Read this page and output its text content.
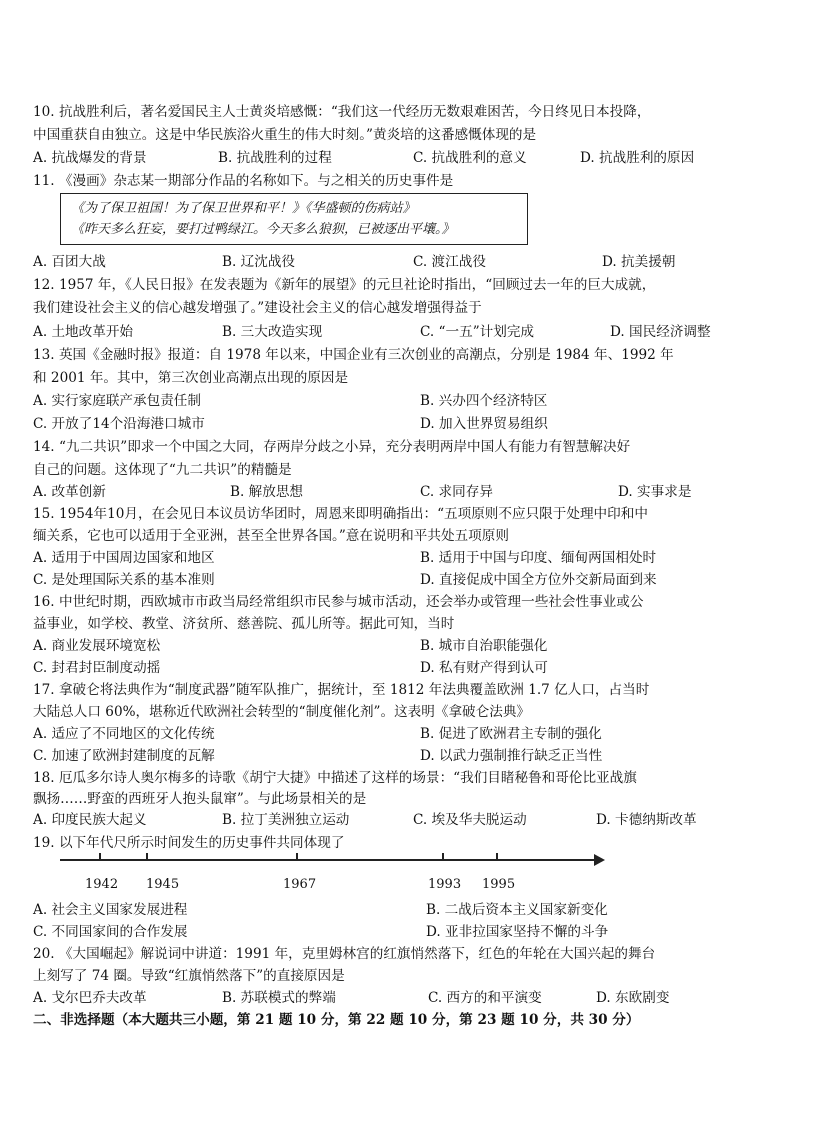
10. 抗战胜利后，著名爱国民主人士黄炎培感慨：“我们这一代经历无数艰难困苦，今日终见日本投降，
中国重获自由独立。这是中华民族浴火重生的伟大时刻。”黄炎培的这番感慨体现的是
A. 抗战爆发的背景	B. 抗战胜利的过程	C. 抗战胜利的意义	D. 抗战胜利的原因
11. 《漫画》杂志某一期部分作品的名称如下。与之相关的历史事件是
《为了保卫祖国！为了保卫世界和平！》《华盛顿的伤病站》
《昨天多么狂妄，要打过鸭绿江。今天多么狼狈，已被逐出平壤。》
A. 百团大战	B. 辽沈战役	C. 渡江战役	D. 抗美援朝
12. 1957 年，《人民日报》在发表题为《新年的展望》的元旦社论时指出，“回顾过去一年的巨大成就，
我们建设社会主义的信心越发增强了。”建设社会主义的信心越发增强得益于
A. 土地改革开始	B. 三大改造实现	C. “一五”计划完成	D. 国民经济调整
13. 英国《金融时报》报道：自 1978 年以来，中国企业有三次创业的高潮点，分别是 1984 年、1992 年
和 2001 年。其中，第三次创业高潮点出现的原因是
A. 实行家庭联产承包责任制	B. 兴办四个经济特区
C. 开放了14个沿海港口城市	D. 加入世界贸易组织
14. “九二共识”即求一个中国之大同，存两岸分歧之小异，充分表明两岸中国人有能力有智慧解决好
自己的问题。这体现了“九二共识”的精髓是
A. 改革创新	B. 解放思想	C. 求同存异	D. 实事求是
15. 1954年10月，在会见日本议员访华团时，周恩来即明确指出：“五项原则不应只限于处理中印和中
缅关系，它也可以适用于全亚洲，甚至全世界各国。”意在说明和平共处五项原则
A. 适用于中国周边国家和地区	B. 适用于中国与印度、缅甸两国相处时
C. 是处理国际关系的基本准则	D. 直接促成中国全方位外交新局面到来
16. 中世纪时期，西欧城市市政当局经常组织市民参与城市活动，还会举办或管理一些社会性事业或公
益事业，如学校、教堂、济贫所、慈善院、孤儿所等。据此可知，当时
A. 商业发展环境宽松	B. 城市自治职能强化
C. 封君封臣制度动摇	D. 私有财产得到认可
17. 拿破仑将法典作为“制度武器”随军队推广，据统计，至 1812 年法典覆盖欧洲 1.7 亿人口，占当时
大陆总人口 60%，堪称近代欧洲社会转型的“制度催化剂”。这表明《拿破仑法典》
A. 适应了不同地区的文化传统	B. 促进了欧洲君主专制的强化
C. 加速了欧洲封建制度的瓦解	D. 以武力强制推行缺乏正当性
18. 厄瓜多尔诗人奥尔梅多的诗歌《胡宁大捷》中描述了这样的场景：“我们目睹秘鲁和哥伦比亚战旗
飘扬……野蛮的西班牙人抱头鼠窜”。与此场景相关的是
A. 印度民族大起义	B. 拉丁美洲独立运动	C. 埃及华夫脱运动	D. 卡德纳斯改革
19. 以下年代尺所示时间发生的历史事件共同体现了
1942 1945	1967	1993 1995
A. 社会主义国家发展进程	B. 二战后资本主义国家新变化
C. 不同国家间的合作发展	D. 亚非拉国家坚持不懈的斗争
20. 《大国崛起》解说词中讲道：1991 年，克里姆林宫的红旗悄然落下，红色的年轮在大国兴起的舞台
上刻写了 74 圈。导致“红旗悄然落下”的直接原因是
A. 戈尔巴乔夫改革	B. 苏联模式的弊端	C. 西方的和平演变	D. 东欧剧变
二、非选择题（本大题共三小题，第 21 题 10 分，第 22 题 10 分，第 23 题 10 分，共 30 分）
